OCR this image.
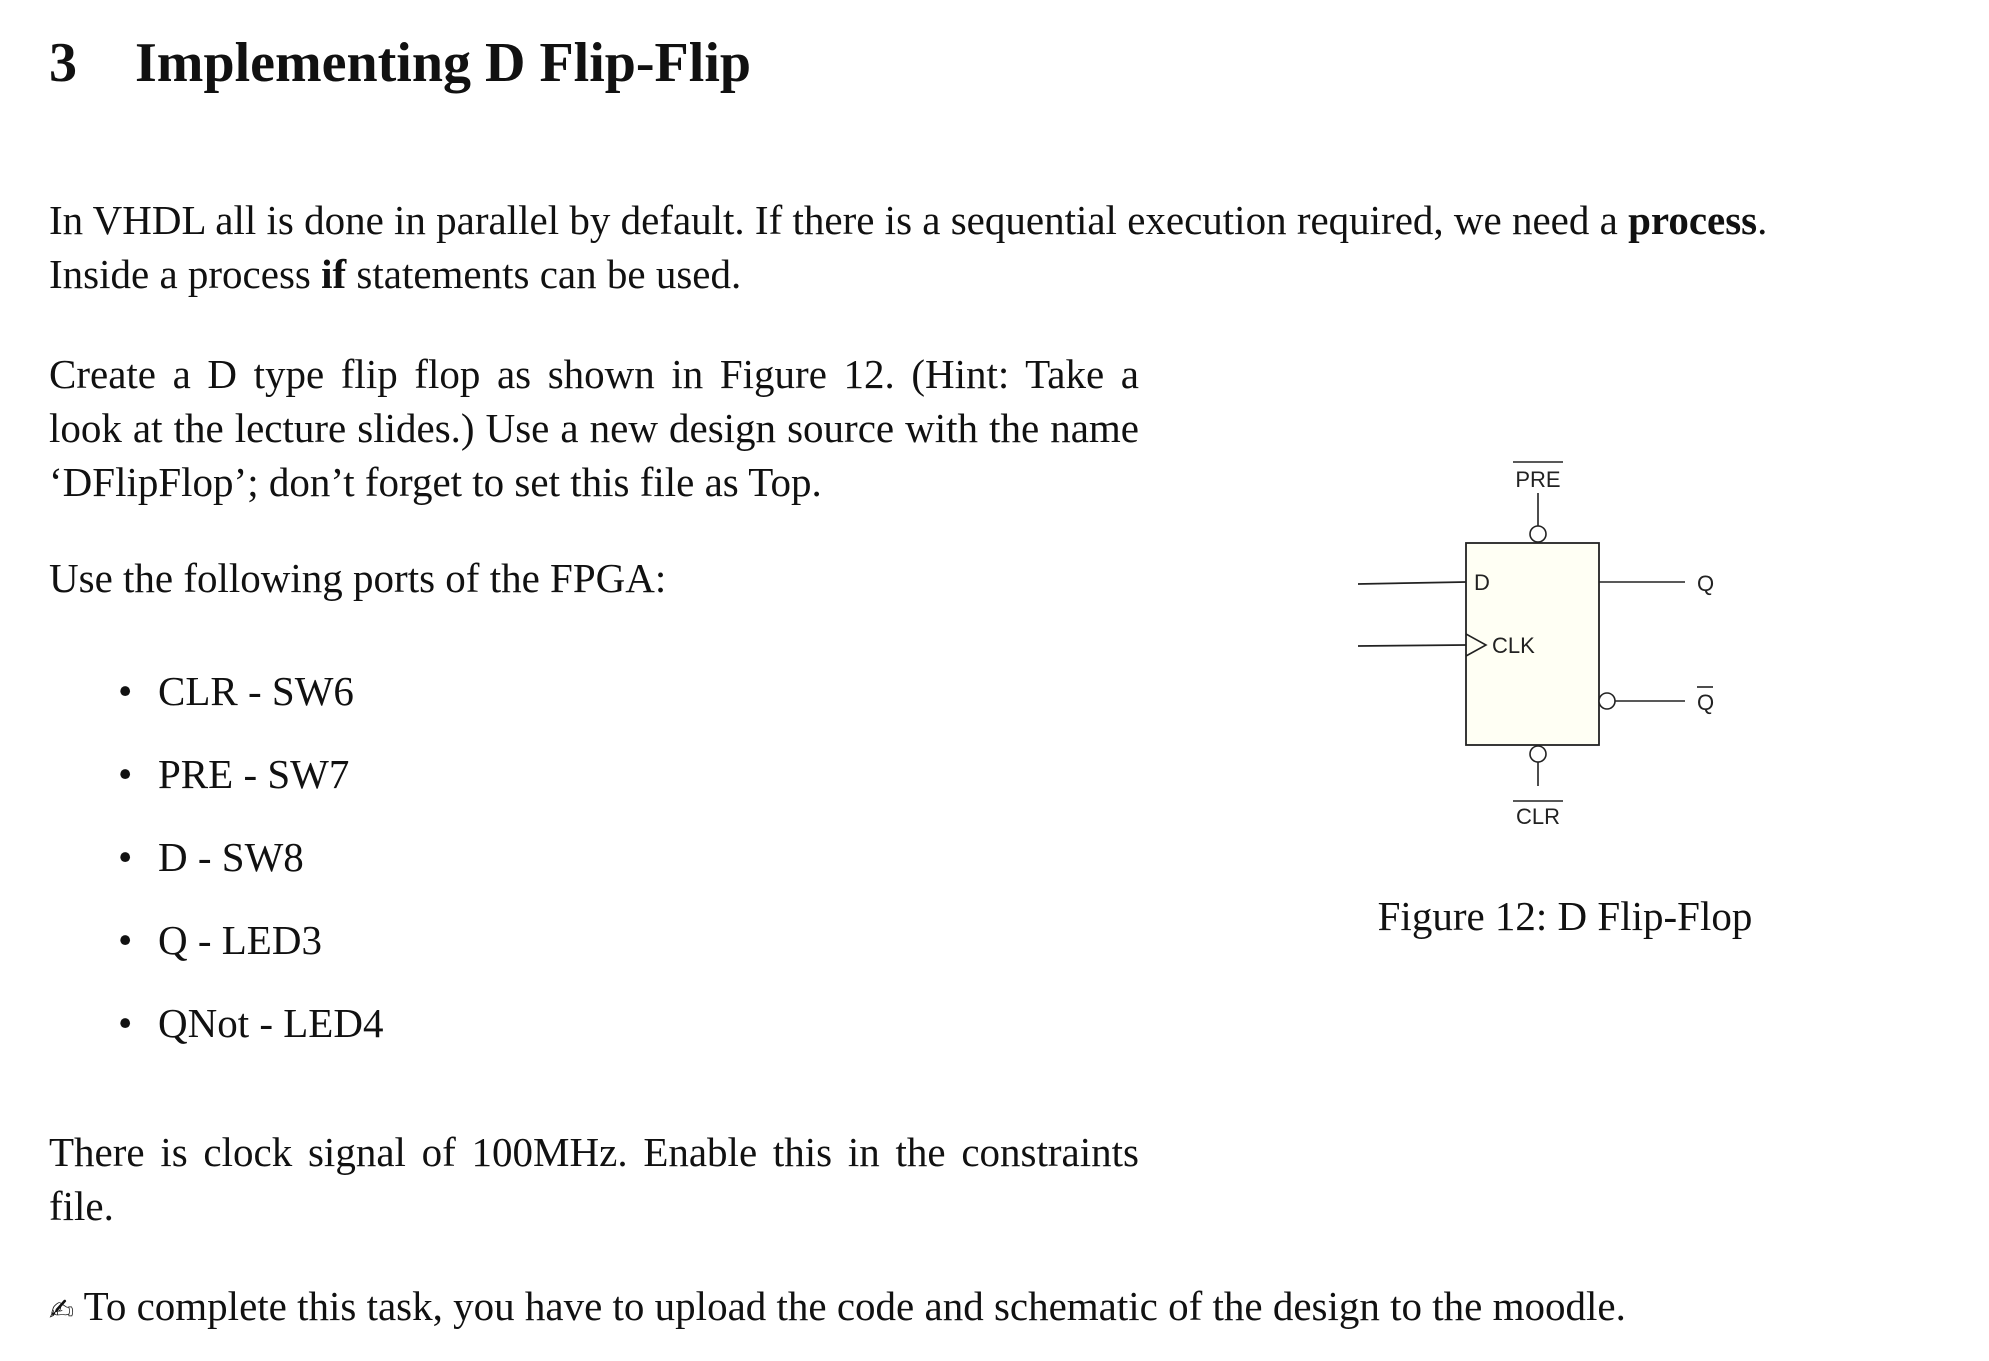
3 Implementing D Flip-Flip

In VHDL all is done in parallel by default. If there is a sequential execution required, we need a process.
Inside a process if statements can be used.

Create a D type flip flop as shown in Figure 12. (Hint: Take a look at the lecture slides.) Use a new design source with the name ‘DFlipFlop’; don’t forget to set this file as Top.

Use the following ports of the FPGA:

• CLR - SW6
• PRE - SW7
• D - SW8
• Q - LED3
• QNot - LED4

There is clock signal of 100MHz. Enable this in the constraints file.

✍ To complete this task, you have to upload the code and schematic of the design to the moodle.

PRE
D
CLK
Q
Q
CLR
Figure 12: D Flip-Flop
